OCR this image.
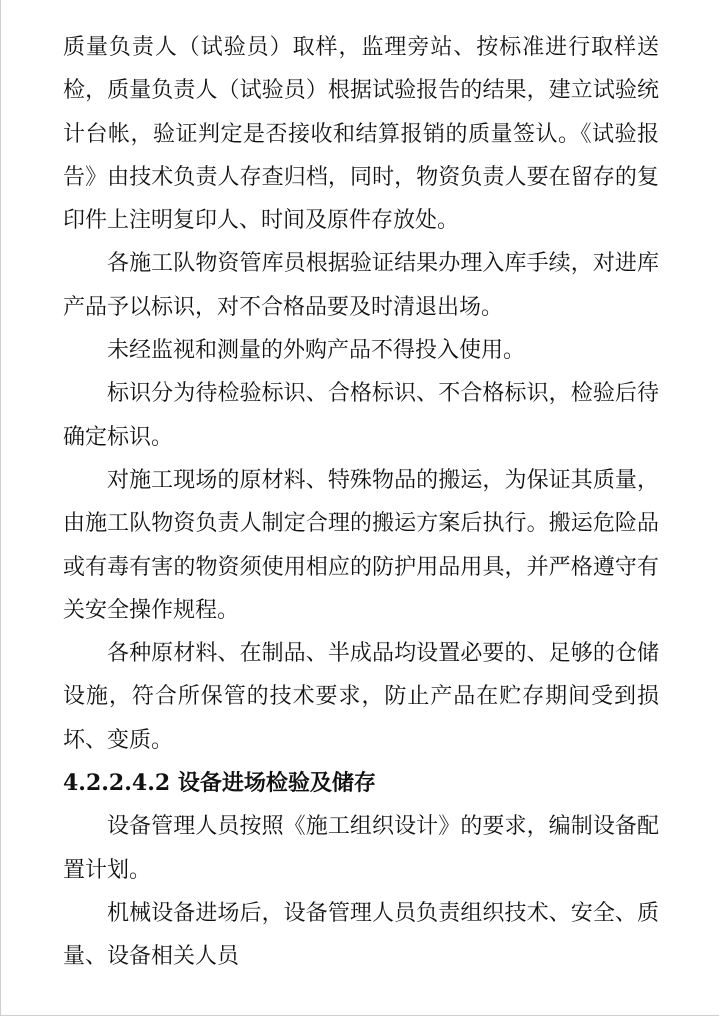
质量负责人（试验员）取样，监理旁站、按标准进行取样送检，质量负责人（试验员）根据试验报告的结果，建立试验统计台帐，验证判定是否接收和结算报销的质量签认。《试验报告》由技术负责人存查归档，同时，物资负责人要在留存的复印件上注明复印人、时间及原件存放处。

各施工队物资管库员根据验证结果办理入库手续，对进库产品予以标识，对不合格品要及时清退出场。

未经监视和测量的外购产品不得投入使用。

标识分为待检验标识、合格标识、不合格标识，检验后待确定标识。

对施工现场的原材料、特殊物品的搬运，为保证其质量，由施工队物资负责人制定合理的搬运方案后执行。搬运危险品或有毒有害的物资须使用相应的防护用品用具，并严格遵守有关安全操作规程。

各种原材料、在制品、半成品均设置必要的、足够的仓储设施，符合所保管的技术要求，防止产品在贮存期间受到损坏、变质。

4.2.2.4.2 设备进场检验及储存

设备管理人员按照《施工组织设计》的要求，编制设备配置计划。

机械设备进场后，设备管理人员负责组织技术、安全、质量、设备相关人员
